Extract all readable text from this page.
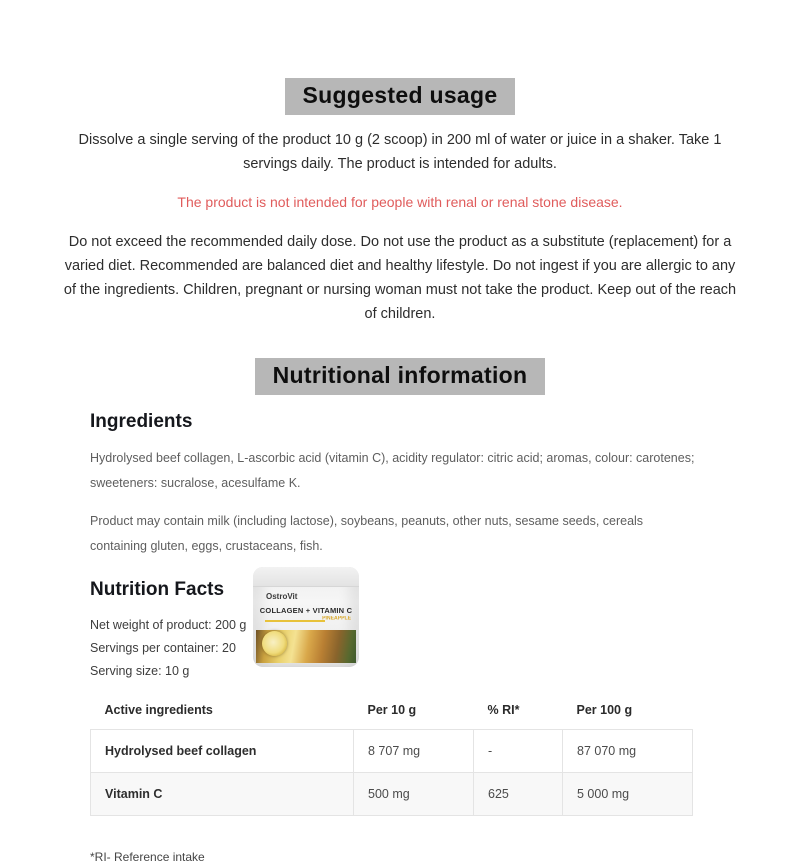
Suggested usage

Dissolve a single serving of the product 10 g (2 scoop) in 200 ml of water or juice in a shaker. Take 1 servings daily. The product is intended for adults.

The product is not intended for people with renal or renal stone disease.

Do not exceed the recommended daily dose. Do not use the product as a substitute (replacement) for a varied diet. Recommended are balanced diet and healthy lifestyle. Do not ingest if you are allergic to any of the ingredients. Children, pregnant or nursing woman must not take the product. Keep out of the reach of children.

Nutritional information
Ingredients

Hydrolysed beef collagen, L-ascorbic acid (vitamin C), acidity regulator: citric acid; aromas, colour: carotenes; sweeteners: sucralose, acesulfame K.

Product may contain milk (including lactose), soybeans, peanuts, other nuts, sesame seeds, cereals containing gluten, eggs, crustaceans, fish.

Nutrition Facts
Net weight of product: 200 g
Servings per container: 20
Serving size: 10 g
OstroVit
COLLAGEN + VITAMIN C
PINEAPPLE
Active ingredients	Per 10 g	% RI*	Per 100 g
Hydrolysed beef collagen	8 707 mg	-	87 070 mg
Vitamin C	500 mg	625	5 000 mg

*RI- Reference intake
